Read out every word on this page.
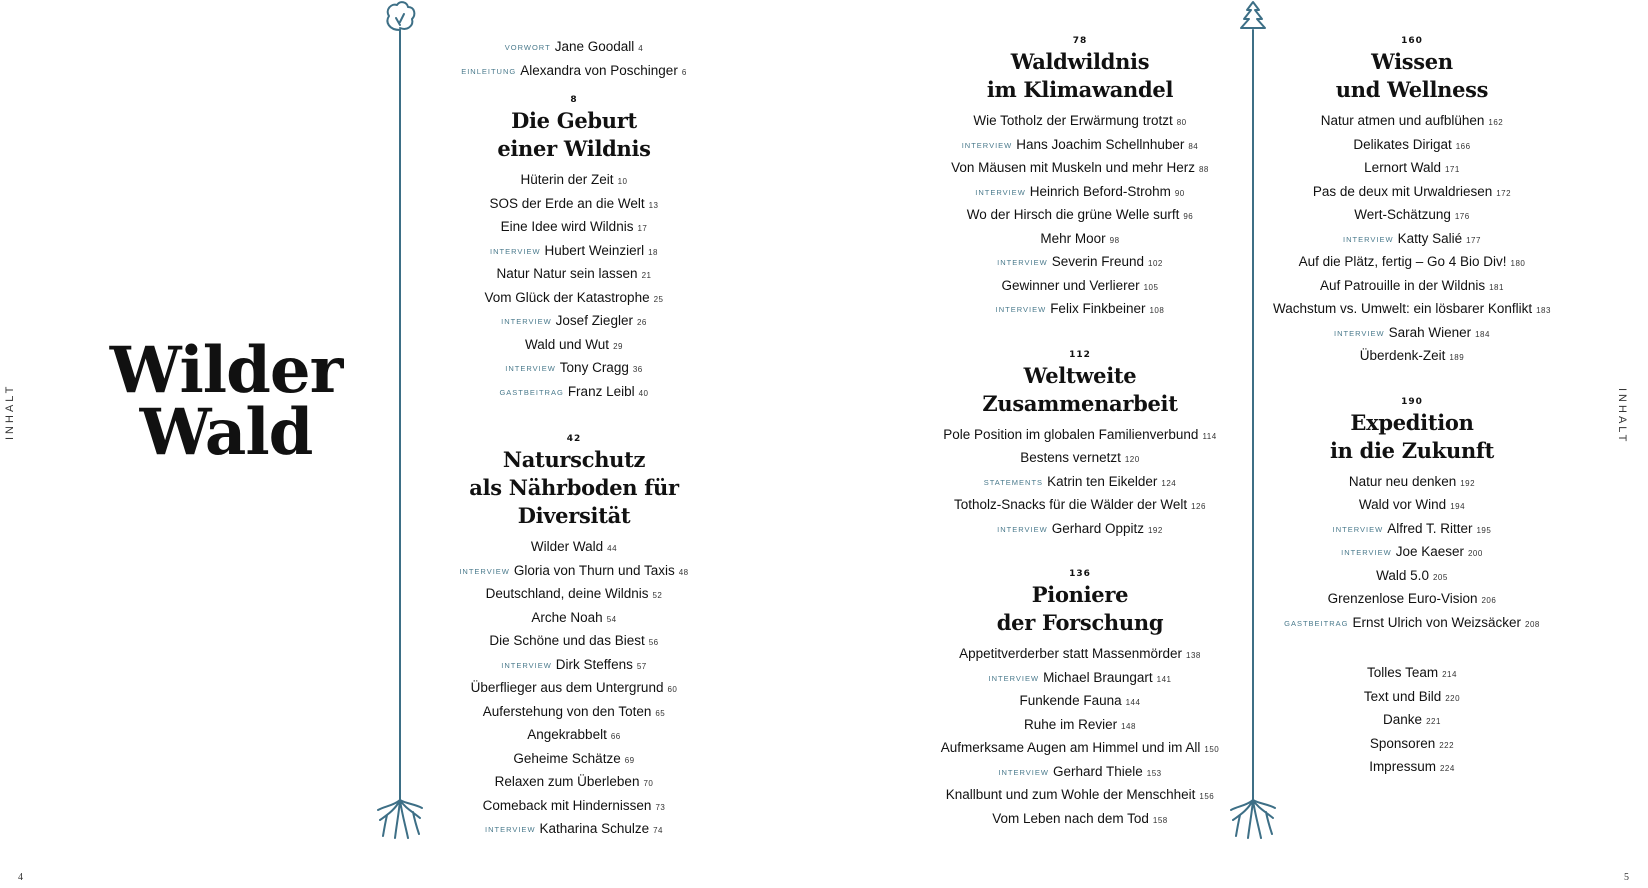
INHALT	INHALT
4	5
Wilder
Wald
VORWORT Jane Goodall 4
EINLEITUNG Alexandra von Poschinger 6
8
Die Geburt
einer Wildnis
Hüterin der Zeit 10
SOS der Erde an die Welt 13
Eine Idee wird Wildnis 17
INTERVIEW Hubert Weinzierl 18
Natur Natur sein lassen 21
Vom Glück der Katastrophe 25
INTERVIEW Josef Ziegler 26
Wald und Wut 29
INTERVIEW Tony Cragg 36
GASTBEITRAG Franz Leibl 40
42
Naturschutz
als Nährboden für
Diversität
Wilder Wald 44
INTERVIEW Gloria von Thurn und Taxis 48
Deutschland, deine Wildnis 52
Arche Noah 54
Die Schöne und das Biest 56
INTERVIEW Dirk Steffens 57
Überflieger aus dem Untergrund 60
Auferstehung von den Toten 65
Angekrabbelt 66
Geheime Schätze 69
Relaxen zum Überleben 70
Comeback mit Hindernissen 73
INTERVIEW Katharina Schulze 74
78
Waldwildnis
im Klimawandel
Wie Totholz der Erwärmung trotzt 80
INTERVIEW Hans Joachim Schellnhuber 84
Von Mäusen mit Muskeln und mehr Herz 88
INTERVIEW Heinrich Beford-Strohm 90
Wo der Hirsch die grüne Welle surft 96
Mehr Moor 98
INTERVIEW Severin Freund 102
Gewinner und Verlierer 105
INTERVIEW Felix Finkbeiner 108
112
Weltweite
Zusammenarbeit
Pole Position im globalen Familienverbund 114
Bestens vernetzt 120
STATEMENTS Katrin ten Eikelder 124
Totholz-Snacks für die Wälder der Welt 126
INTERVIEW Gerhard Oppitz 192
136
Pioniere
der Forschung
Appetitverderber statt Massenmörder 138
INTERVIEW Michael Braungart 141
Funkende Fauna 144
Ruhe im Revier 148
Aufmerksame Augen am Himmel und im All 150
INTERVIEW Gerhard Thiele 153
Knallbunt und zum Wohle der Menschheit 156
Vom Leben nach dem Tod 158
160
Wissen
und Wellness
Natur atmen und aufblühen 162
Delikates Dirigat 166
Lernort Wald 171
Pas de deux mit Urwaldriesen 172
Wert-Schätzung 176
INTERVIEW Katty Salié 177
Auf die Plätz, fertig – Go 4 Bio Div! 180
Auf Patrouille in der Wildnis 181
Wachstum vs. Umwelt: ein lösbarer Konflikt 183
INTERVIEW Sarah Wiener 184
Überdenk-Zeit 189
190
Expedition
in die Zukunft
Natur neu denken 192
Wald vor Wind 194
INTERVIEW Alfred T. Ritter 195
INTERVIEW Joe Kaeser 200
Wald 5.0 205
Grenzenlose Euro-Vision 206
GASTBEITRAG Ernst Ulrich von Weizsäcker 208
Tolles Team 214
Text und Bild 220
Danke 221
Sponsoren 222
Impressum 224
